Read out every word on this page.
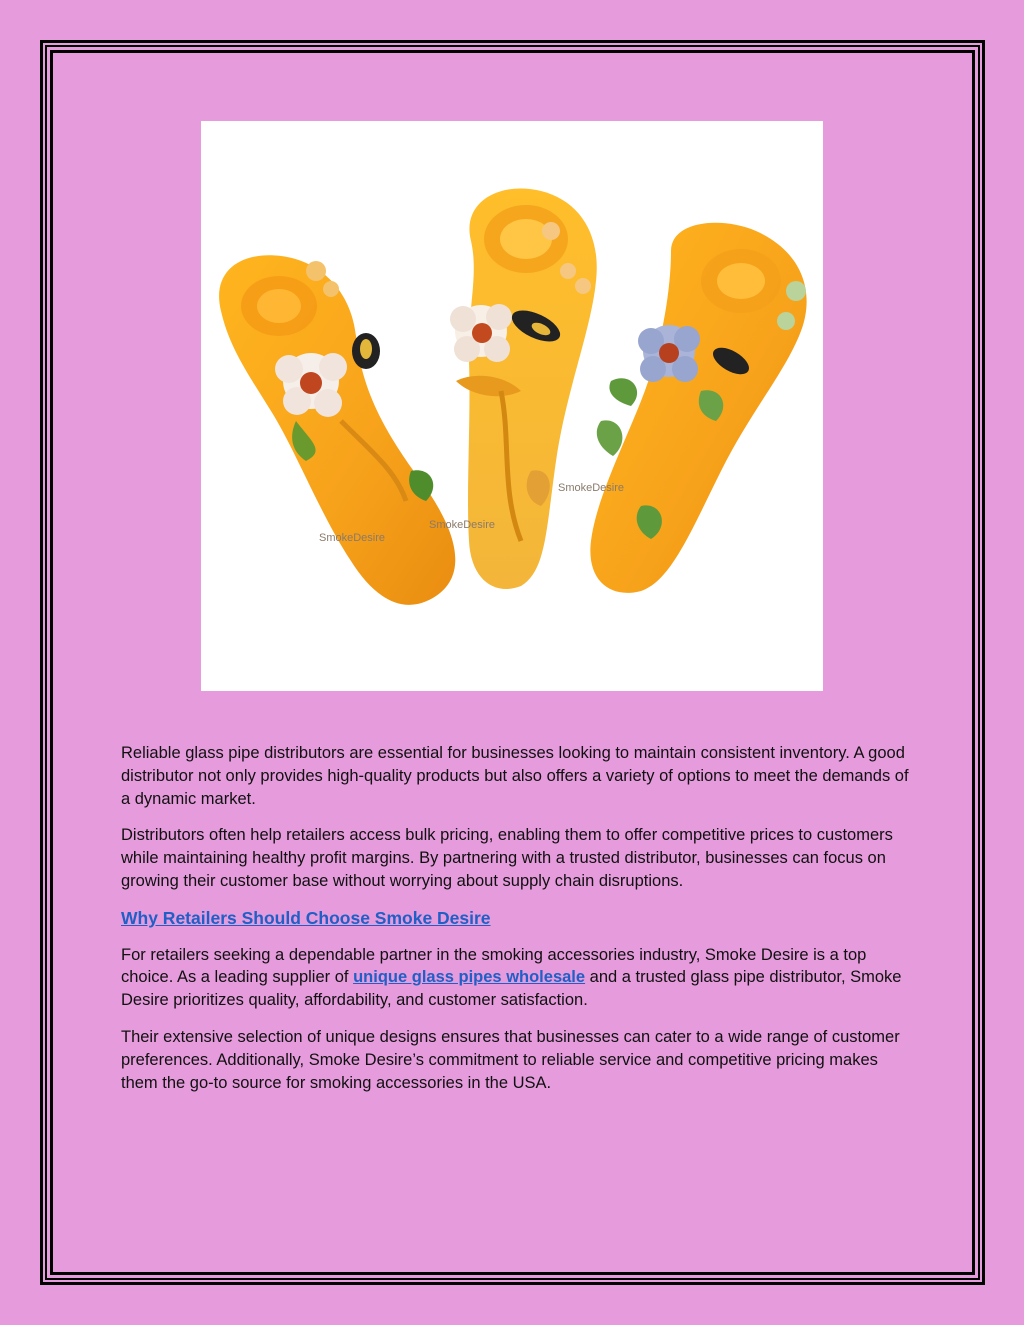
SmokeDesire
SmokeDesire
SmokeDesire

Reliable glass pipe distributors are essential for businesses looking to maintain consistent inventory. A good distributor not only provides high-quality products but also offers a variety of options to meet the demands of a dynamic market.

Distributors often help retailers access bulk pricing, enabling them to offer competitive prices to customers while maintaining healthy profit margins. By partnering with a trusted distributor, businesses can focus on growing their customer base without worrying about supply chain disruptions.

Why Retailers Should Choose Smoke Desire

For retailers seeking a dependable partner in the smoking accessories industry, Smoke Desire is a top choice. As a leading supplier of unique glass pipes wholesale and a trusted glass pipe distributor, Smoke Desire prioritizes quality, affordability, and customer satisfaction.

Their extensive selection of unique designs ensures that businesses can cater to a wide range of customer preferences. Additionally, Smoke Desire’s commitment to reliable service and competitive pricing makes them the go-to source for smoking accessories in the USA.
